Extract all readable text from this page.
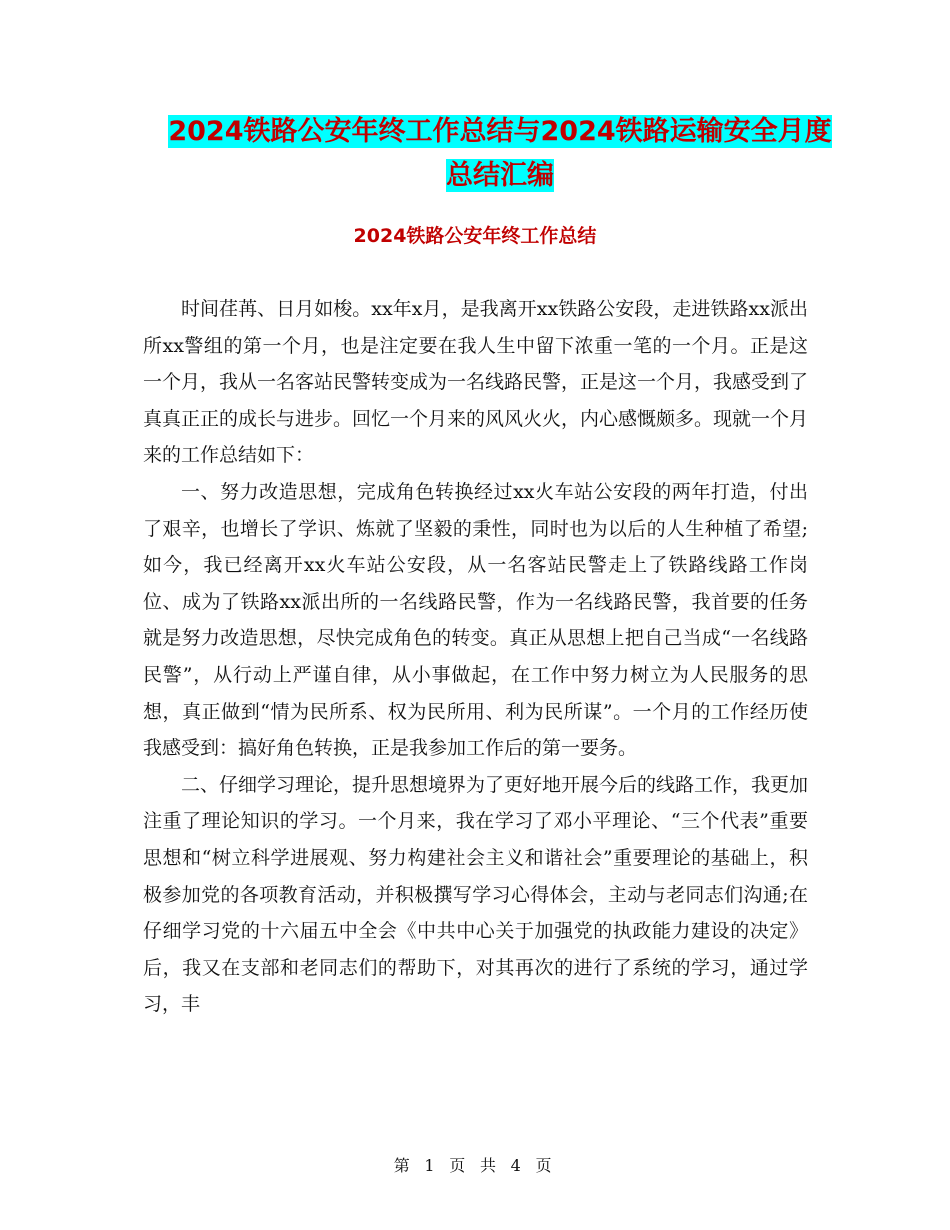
2024铁路公安年终工作总结与2024铁路运输安全月度
总结汇编
2024铁路公安年终工作总结

时间荏苒、日月如梭。xx年x月，是我离开xx铁路公安段，走进铁路xx派出所xx警组的第一个月，也是注定要在我人生中留下浓重一笔的一个月。正是这一个月，我从一名客站民警转变成为一名线路民警，正是这一个月，我感受到了真真正正的成长与进步。回忆一个月来的风风火火，内心感慨颇多。现就一个月来的工作总结如下：

一、努力改造思想，完成角色转换经过xx火车站公安段的两年打造，付出了艰辛，也增长了学识、炼就了坚毅的秉性，同时也为以后的人生种植了希望;如今，我已经离开xx火车站公安段，从一名客站民警走上了铁路线路工作岗位、成为了铁路xx派出所的一名线路民警，作为一名线路民警，我首要的任务就是努力改造思想，尽快完成角色的转变。真正从思想上把自己当成“一名线路民警”，从行动上严谨自律，从小事做起，在工作中努力树立为人民服务的思想，真正做到“情为民所系、权为民所用、利为民所谋”。一个月的工作经历使我感受到：搞好角色转换，正是我参加工作后的第一要务。

二、仔细学习理论，提升思想境界为了更好地开展今后的线路工作，我更加注重了理论知识的学习。一个月来，我在学习了邓小平理论、“三个代表”重要思想和“树立科学进展观、努力构建社会主义和谐社会”重要理论的基础上，积极参加党的各项教育活动，并积极撰写学习心得体会，主动与老同志们沟通;在仔细学习党的十六届五中全会《中共中心关于加强党的执政能力建设的决定》后，我又在支部和老同志们的帮助下，对其再次的进行了系统的学习，通过学习，丰

第 1 页 共 4 页
